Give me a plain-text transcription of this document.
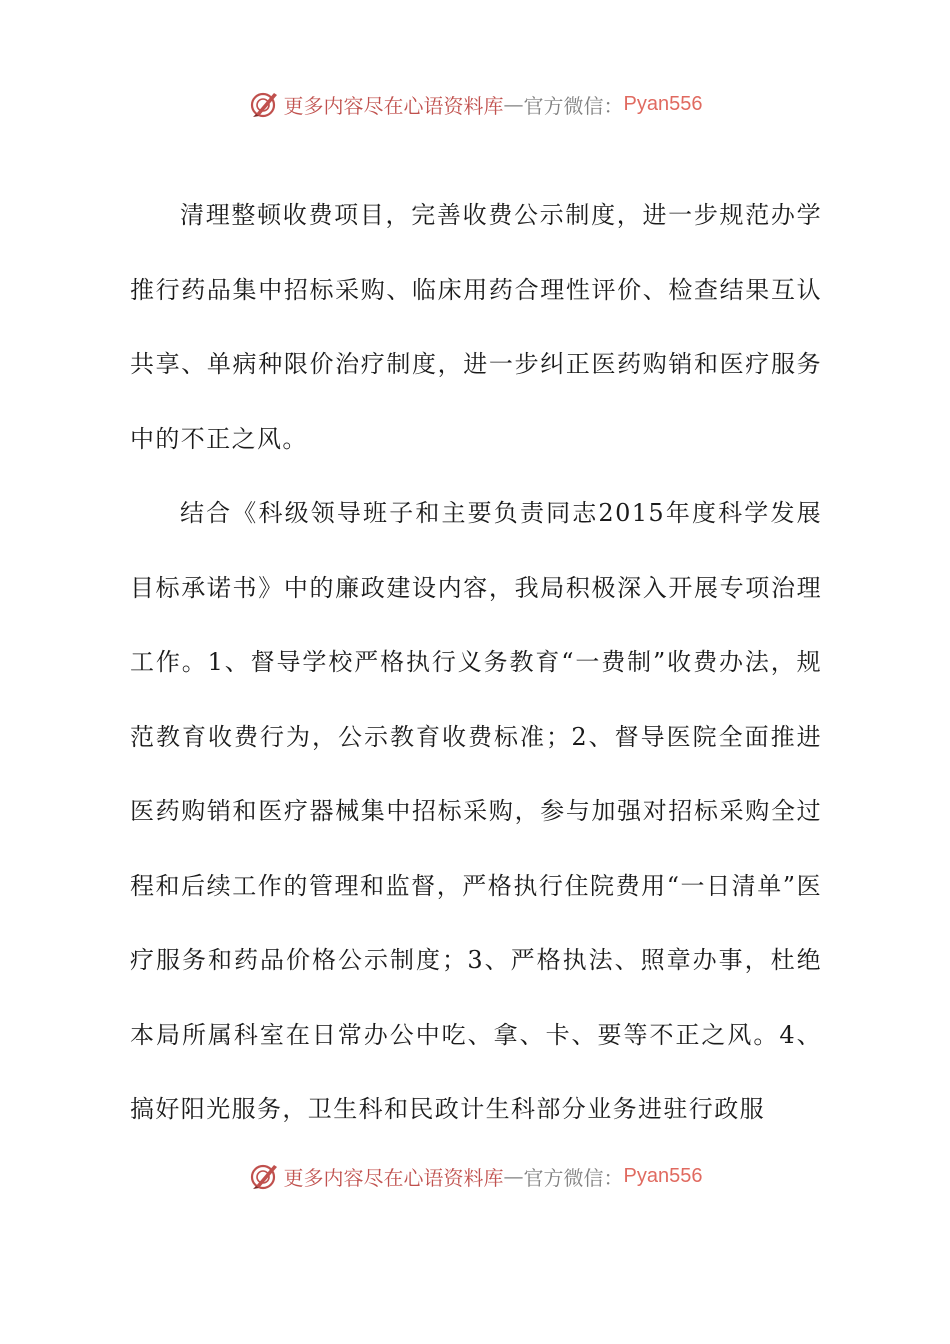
更多内容尽在心语资料库 — 官方微信： Pyan556

清理整顿收费项目，完善收费公示制度，进一步规范办学推行药品集中招标采购、临床用药合理性评价、检查结果互认共享、单病种限价治疗制度，进一步纠正医药购销和医疗服务中的不正之风。

结合《科级领导班子和主要负责同志2015年度科学发展目标承诺书》中的廉政建设内容，我局积极深入开展专项治理工作。1、督导学校严格执行义务教育“一费制”收费办法，规范教育收费行为，公示教育收费标准；2、督导医院全面推进医药购销和医疗器械集中招标采购，参与加强对招标采购全过程和后续工作的管理和监督，严格执行住院费用“一日清单”医疗服务和药品价格公示制度；3、严格执法、照章办事，杜绝本局所属科室在日常办公中吃、拿、卡、要等不正之风。4、搞好阳光服务，卫生科和民政计生科部分业务进驻行政服

更多内容尽在心语资料库 — 官方微信： Pyan556
